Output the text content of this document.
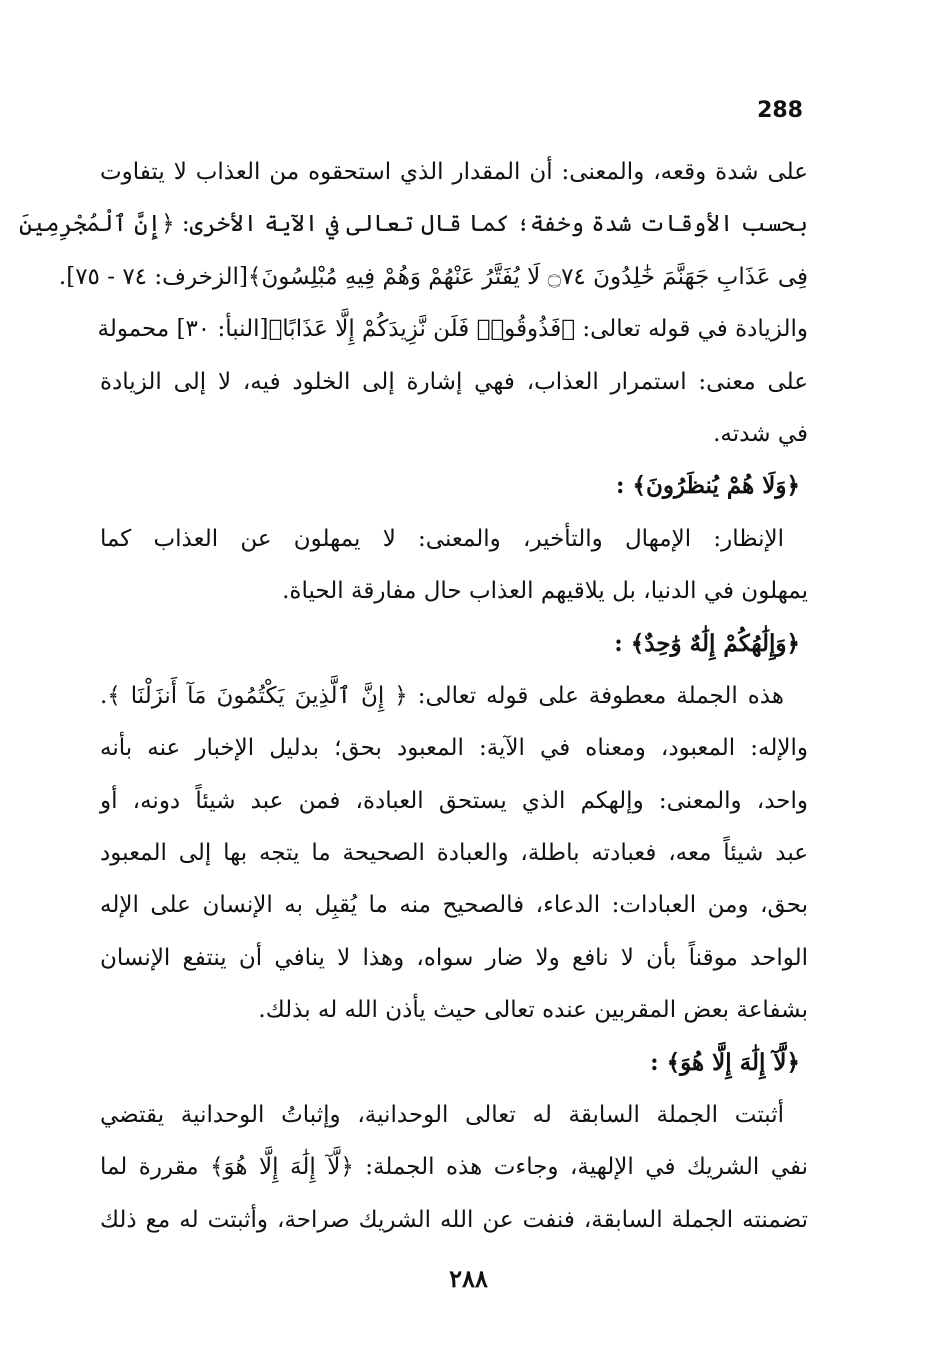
288
على شدة وقعه، والمعنى: أن المقدار الذي استحقوه من العذاب لا يتفاوت
بحسب الأوقات شدة وخفة؛ كما قال تعالى في الآية الأخرى: ﴿إِنَّ ٱلْمُجْرِمِينَ
فِى عَذَابِ جَهَنَّمَ خَٰلِدُونَ ۝٧٤ لَا يُفَتَّرُ عَنْهُمْ وَهُمْ فِيهِ مُبْلِسُونَ﴾[الزخرف: ٧٤ - ٧٥].
والزيادة في قوله تعالى: ﴿فَذُوقُوا۟ فَلَن نَّزِيدَكُمْ إِلَّا عَذَابًا﴾[النبأ: ٣٠] محمولة
على معنى: استمرار العذاب، فهي إشارة إلى الخلود فيه، لا إلى الزيادة
في شدته.
﴿وَلَا هُمْ يُنظَرُونَ﴾ :
الإنظار: الإمهال والتأخير، والمعنى: لا يمهلون عن العذاب كما
يمهلون في الدنيا، بل يلاقيهم العذاب حال مفارقة الحياة.
﴿وَإِلَٰهُكُمْ إِلَٰهٌ وَٰحِدٌ﴾ :
هذه الجملة معطوفة على قوله تعالى: ﴿ إِنَّ ٱلَّذِينَ يَكْتُمُونَ مَآ أَنزَلْنَا ﴾.
والإله: المعبود، ومعناه في الآية: المعبود بحق؛ بدليل الإخبار عنه بأنه
واحد، والمعنى: وإلهكم الذي يستحق العبادة، فمن عبد شيئاً دونه، أو
عبد شيئاً معه، فعبادته باطلة، والعبادة الصحيحة ما يتجه بها إلى المعبود
بحق، ومن العبادات: الدعاء، فالصحيح منه ما يُقبِل به الإنسان على الإله
الواحد موقناً بأن لا نافع ولا ضار سواه، وهذا لا ينافي أن ينتفع الإنسان
بشفاعة بعض المقربين عنده تعالى حيث يأذن الله له بذلك.
﴿لَّآ إِلَٰهَ إِلَّا هُوَ﴾ :
أثبتت الجملة السابقة له تعالى الوحدانية، وإثباتُ الوحدانية يقتضي
نفي الشريك في الإلهية، وجاءت هذه الجملة: ﴿لَّآ إِلَٰهَ إِلَّا هُوَ﴾ مقررة لما
تضمنته الجملة السابقة، فنفت عن الله الشريك صراحة، وأثبتت له مع ذلك
٢٨٨
